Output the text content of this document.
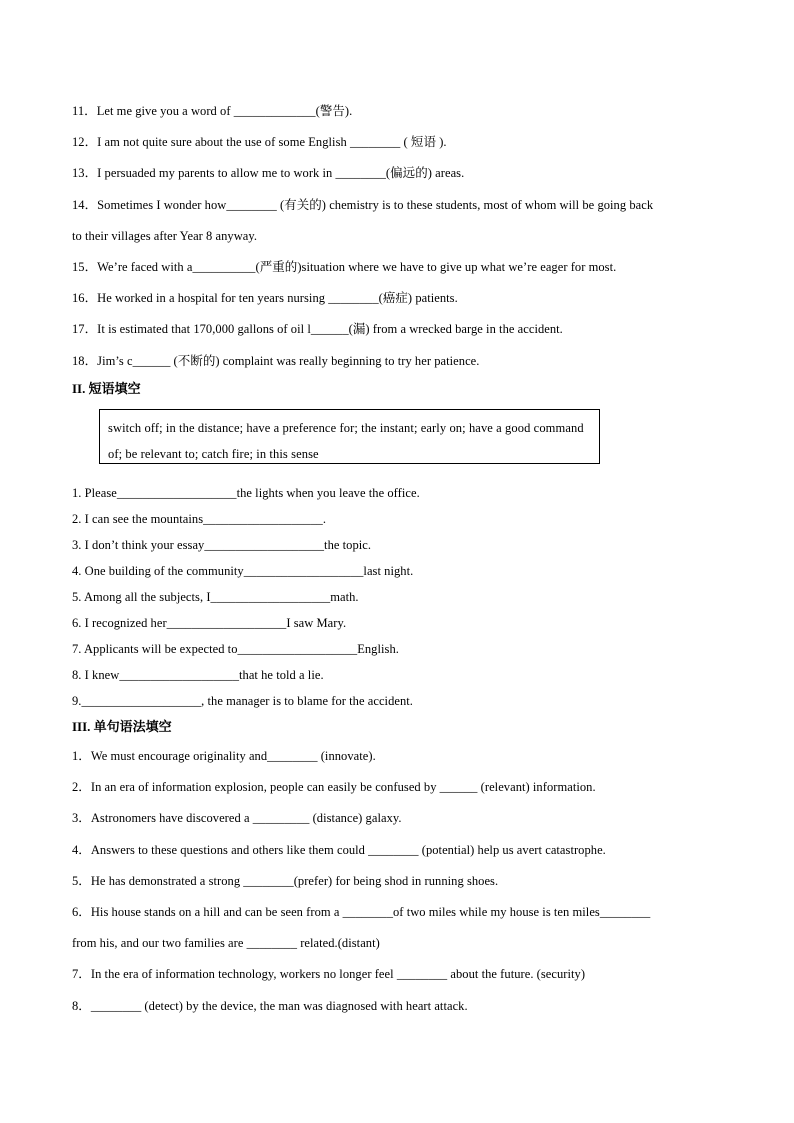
11．Let me give you a word of _____________(警告).
12．I am not quite sure about the use of some English ________ ( 短语 ).
13．I persuaded my parents to allow me to work in ________(偏远的) areas.
14．Sometimes I wonder how________ (有关的) chemistry is to these students, most of whom will be going back
to their villages after Year 8 anyway.
15．We’re faced with a__________(严重的)situation where we have to give up what we’re eager for most.
16．He worked in a hospital for ten years nursing ________(癌症) patients.
17．It is estimated that 170,000 gallons of oil l______(漏) from a wrecked barge in the accident.
18．Jim’s c______ (不断的) complaint was really beginning to try her patience.
II. 短语填空
switch off; in the distance; have a preference for; the instant; early on; have a good command of; be relevant to; catch fire; in this sense
1. Please___________________the lights when you leave the office.
2. I can see the mountains___________________.
3. I don’t think your essay___________________the topic.
4. One building of the community___________________last night.
5. Among all the subjects, I___________________math.
6. I recognized her___________________I saw Mary.
7. Applicants will be expected to___________________English.
8. I knew___________________that he told a lie.
9.___________________, the manager is to blame for the accident.
III. 单句语法填空
1．We must encourage originality and________ (innovate).
2．In an era of information explosion, people can easily be confused by ______ (relevant) information.
3．Astronomers have discovered a _________ (distance) galaxy.
4．Answers to these questions and others like them could ________ (potential) help us avert catastrophe.
5．He has demonstrated a strong ________(prefer) for being shod in running shoes.
6．His house stands on a hill and can be seen from a ________of two miles while my house is ten miles________
from his, and our two families are ________ related.(distant)
7．In the era of information technology, workers no longer feel ________ about the future. (security)
8．________ (detect) by the device, the man was diagnosed with heart attack.
